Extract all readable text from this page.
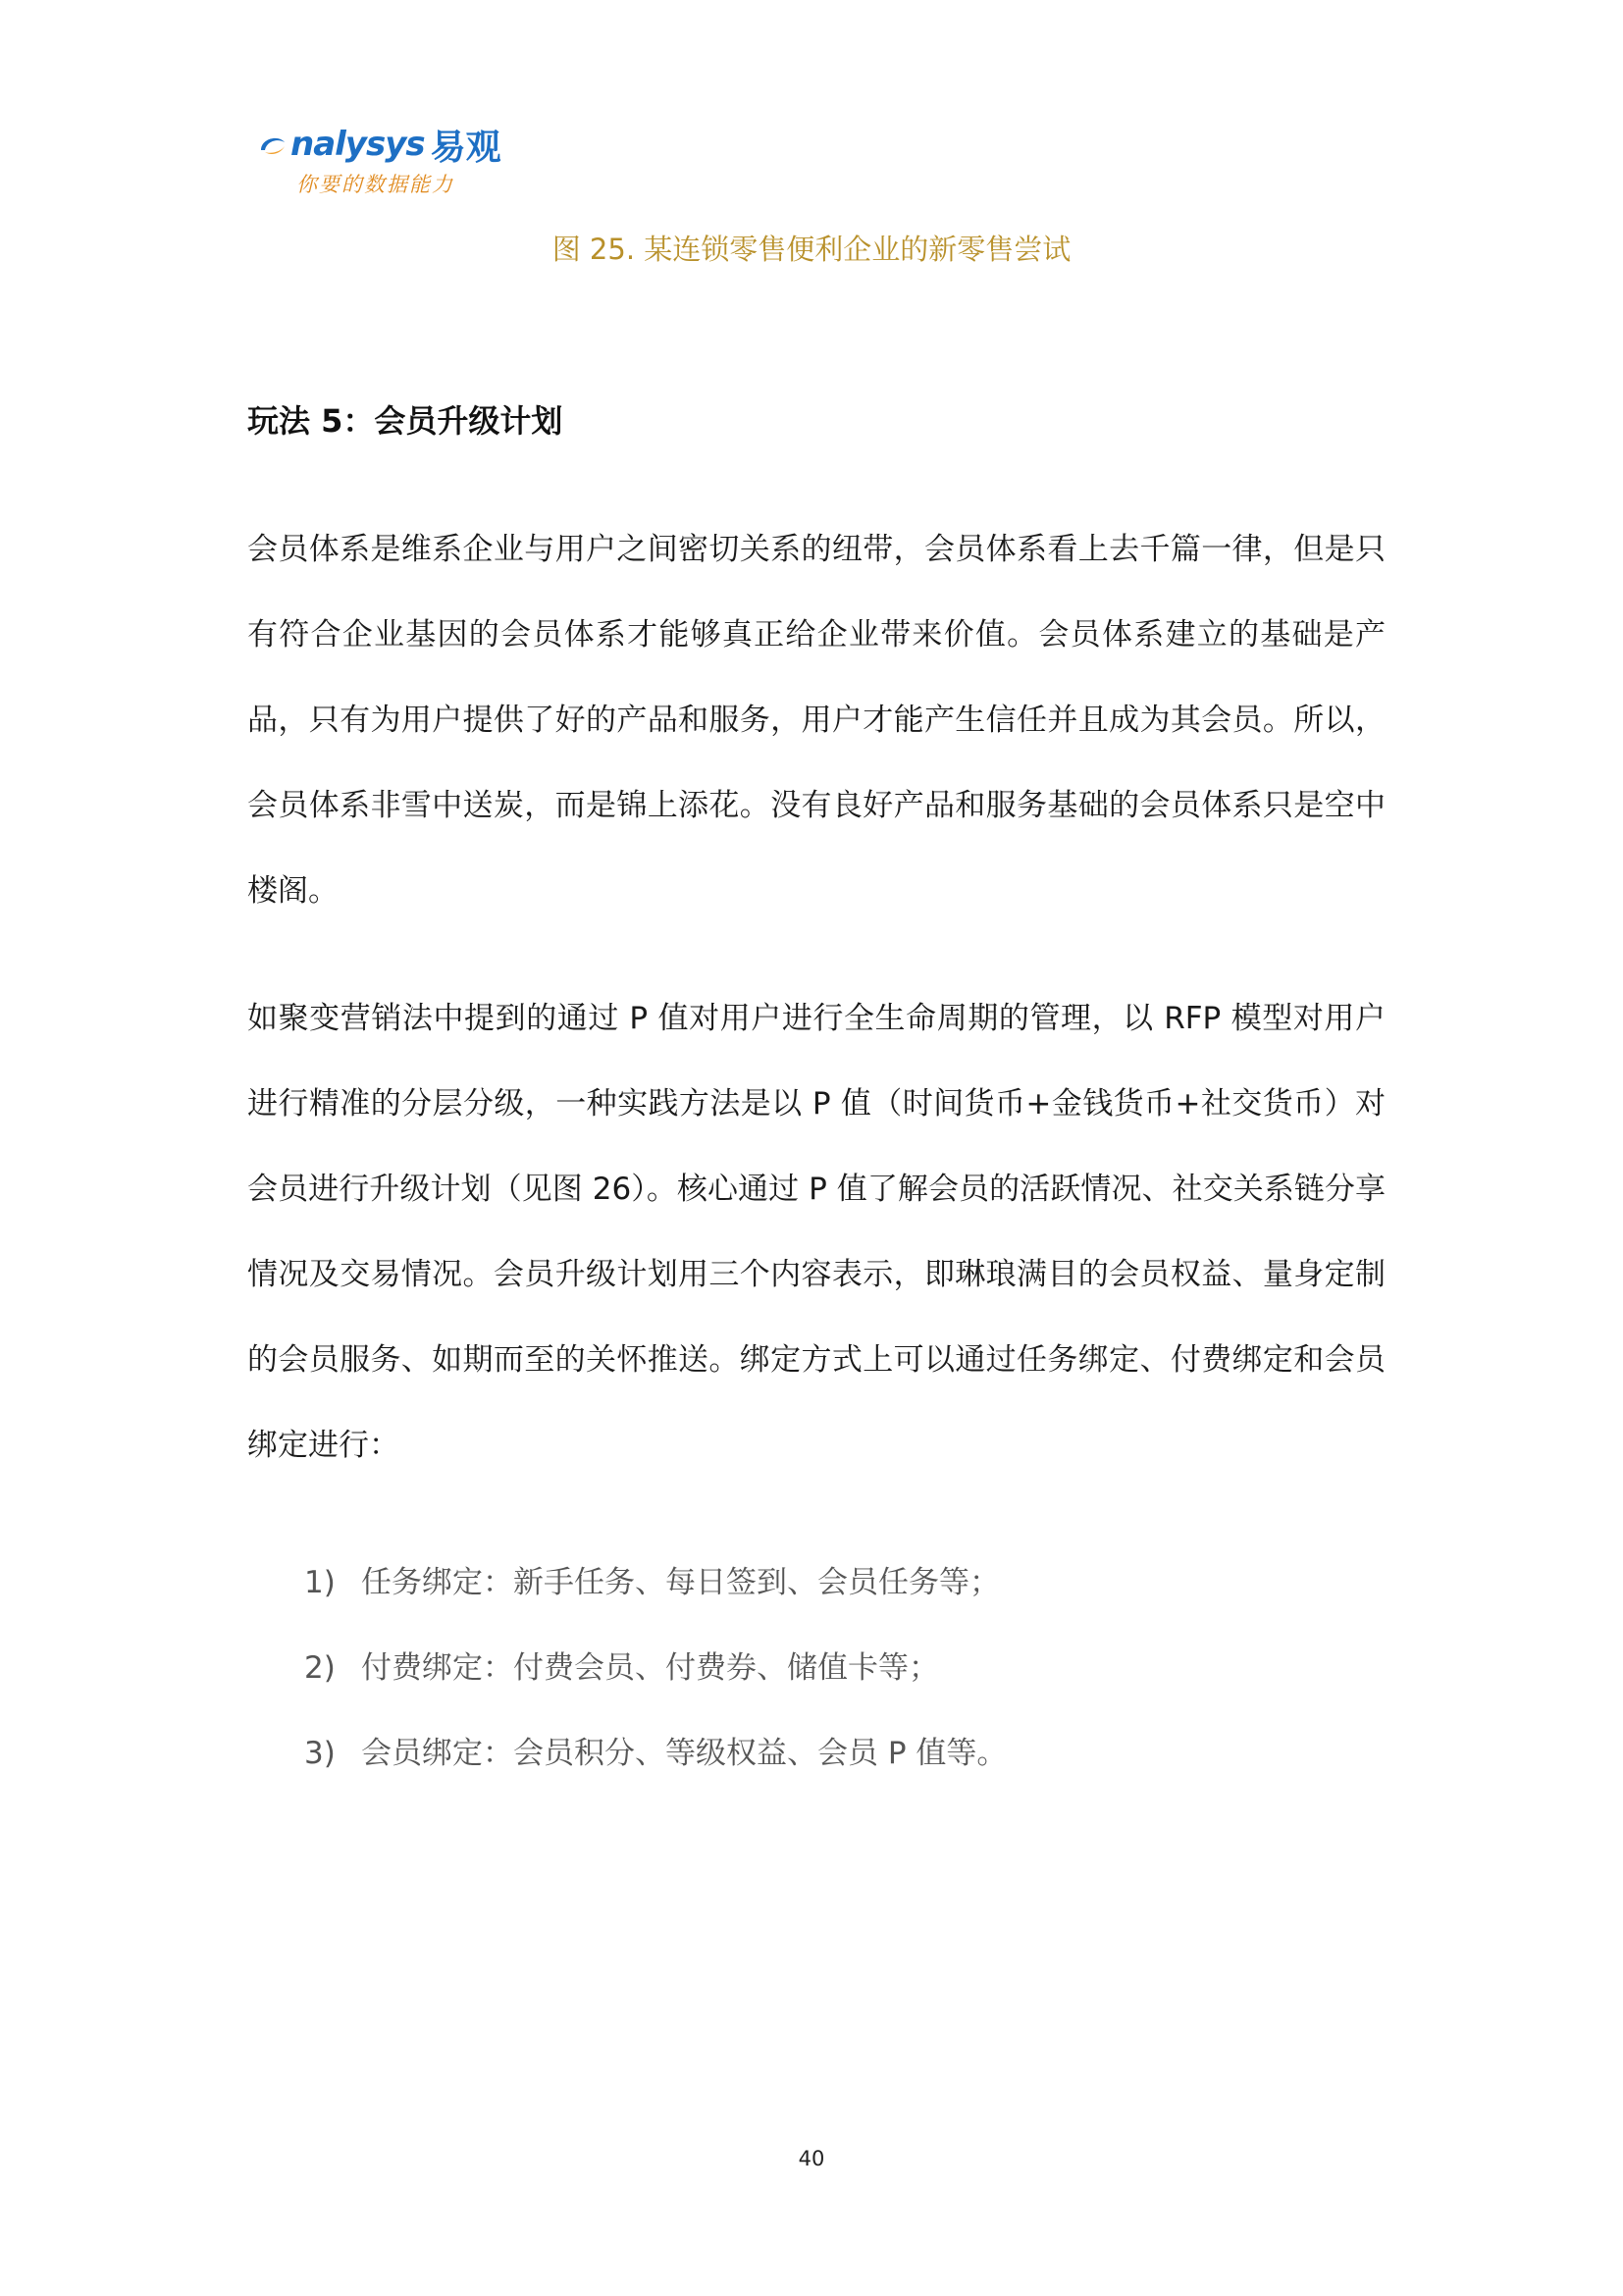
nalysys 易观
你要的数据能力
图 25. 某连锁零售便利企业的新零售尝试
玩法 5：会员升级计划

会员体系是维系企业与用户之间密切关系的纽带，会员体系看上去千篇一律，但是只有符合企业基因的会员体系才能够真正给企业带来价值。会员体系建立的基础是产品，只有为用户提供了好的产品和服务，用户才能产生信任并且成为其会员。所以，会员体系非雪中送炭，而是锦上添花。没有良好产品和服务基础的会员体系只是空中楼阁。

如聚变营销法中提到的通过 P 值对用户进行全生命周期的管理，以 RFP 模型对用户进行精准的分层分级，一种实践方法是以 P 值（时间货币+金钱货币+社交货币）对会员进行升级计划（见图 26）。核心通过 P 值了解会员的活跃情况、社交关系链分享情况及交易情况。会员升级计划用三个内容表示，即琳琅满目的会员权益、量身定制的会员服务、如期而至的关怀推送。绑定方式上可以通过任务绑定、付费绑定和会员绑定进行：

1) 任务绑定：新手任务、每日签到、会员任务等；
2) 付费绑定：付费会员、付费券、储值卡等；
3) 会员绑定：会员积分、等级权益、会员 P 值等。
40
